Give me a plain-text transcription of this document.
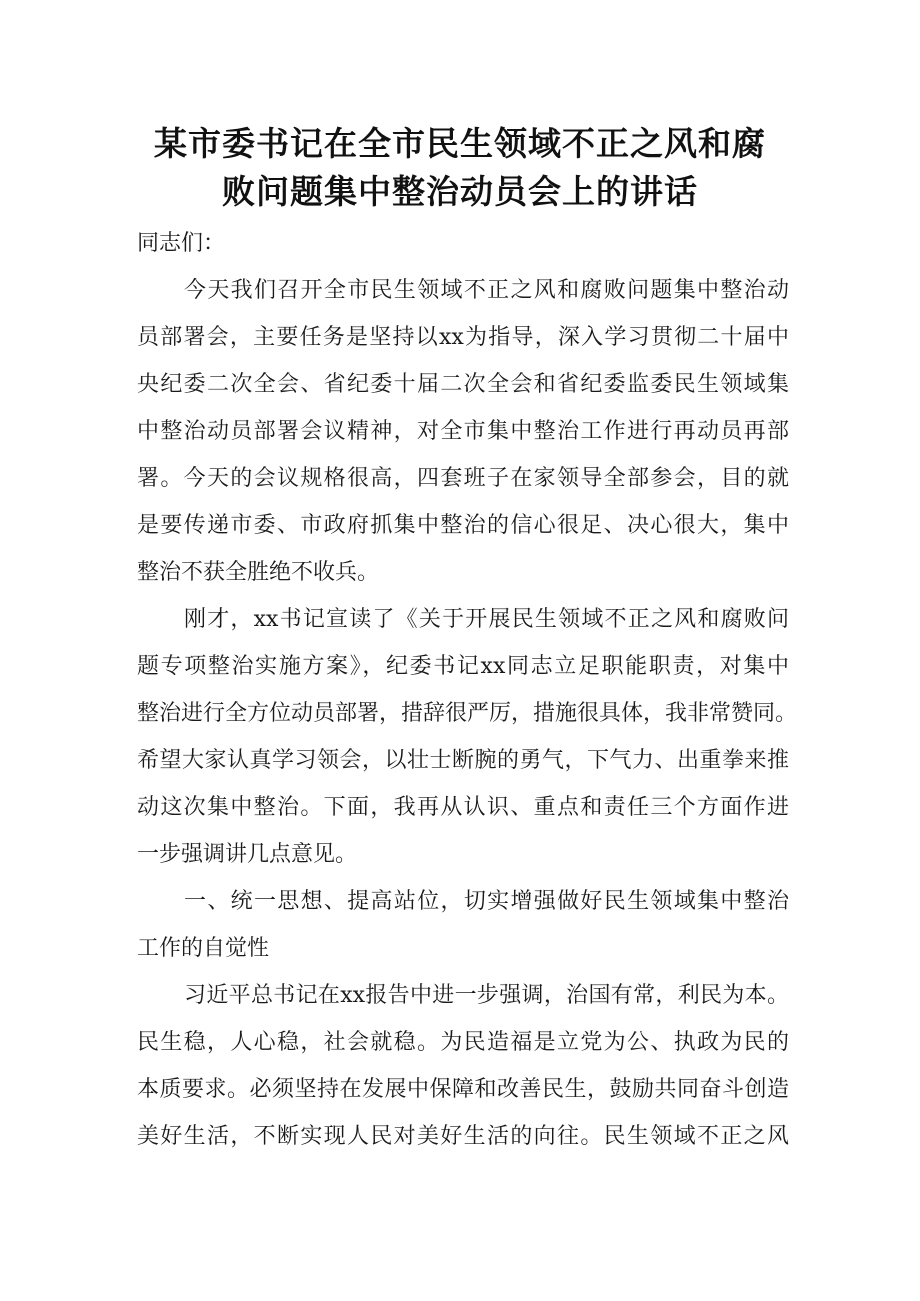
某市委书记在全市民生领域不正之风和腐
败问题集中整治动员会上的讲话
同志们：
今天我们召开全市民生领域不正之风和腐败问题集中整治动
员部署会，主要任务是坚持以xx为指导，深入学习贯彻二十届中
央纪委二次全会、省纪委十届二次全会和省纪委监委民生领域集
中整治动员部署会议精神，对全市集中整治工作进行再动员再部
署。今天的会议规格很高，四套班子在家领导全部参会，目的就
是要传递市委、市政府抓集中整治的信心很足、决心很大，集中
整治不获全胜绝不收兵。
刚才，xx书记宣读了《关于开展民生领域不正之风和腐败问
题专项整治实施方案》，纪委书记xx同志立足职能职责，对集中
整治进行全方位动员部署，措辞很严厉，措施很具体，我非常赞同。
希望大家认真学习领会，以壮士断腕的勇气，下气力、出重拳来推
动这次集中整治。下面，我再从认识、重点和责任三个方面作进
一步强调讲几点意见。
一、统一思想、提高站位，切实增强做好民生领域集中整治
工作的自觉性
习近平总书记在xx报告中进一步强调，治国有常，利民为本。
民生稳，人心稳，社会就稳。为民造福是立党为公、执政为民的
本质要求。必须坚持在发展中保障和改善民生，鼓励共同奋斗创造
美好生活，不断实现人民对美好生活的向往。民生领域不正之风
